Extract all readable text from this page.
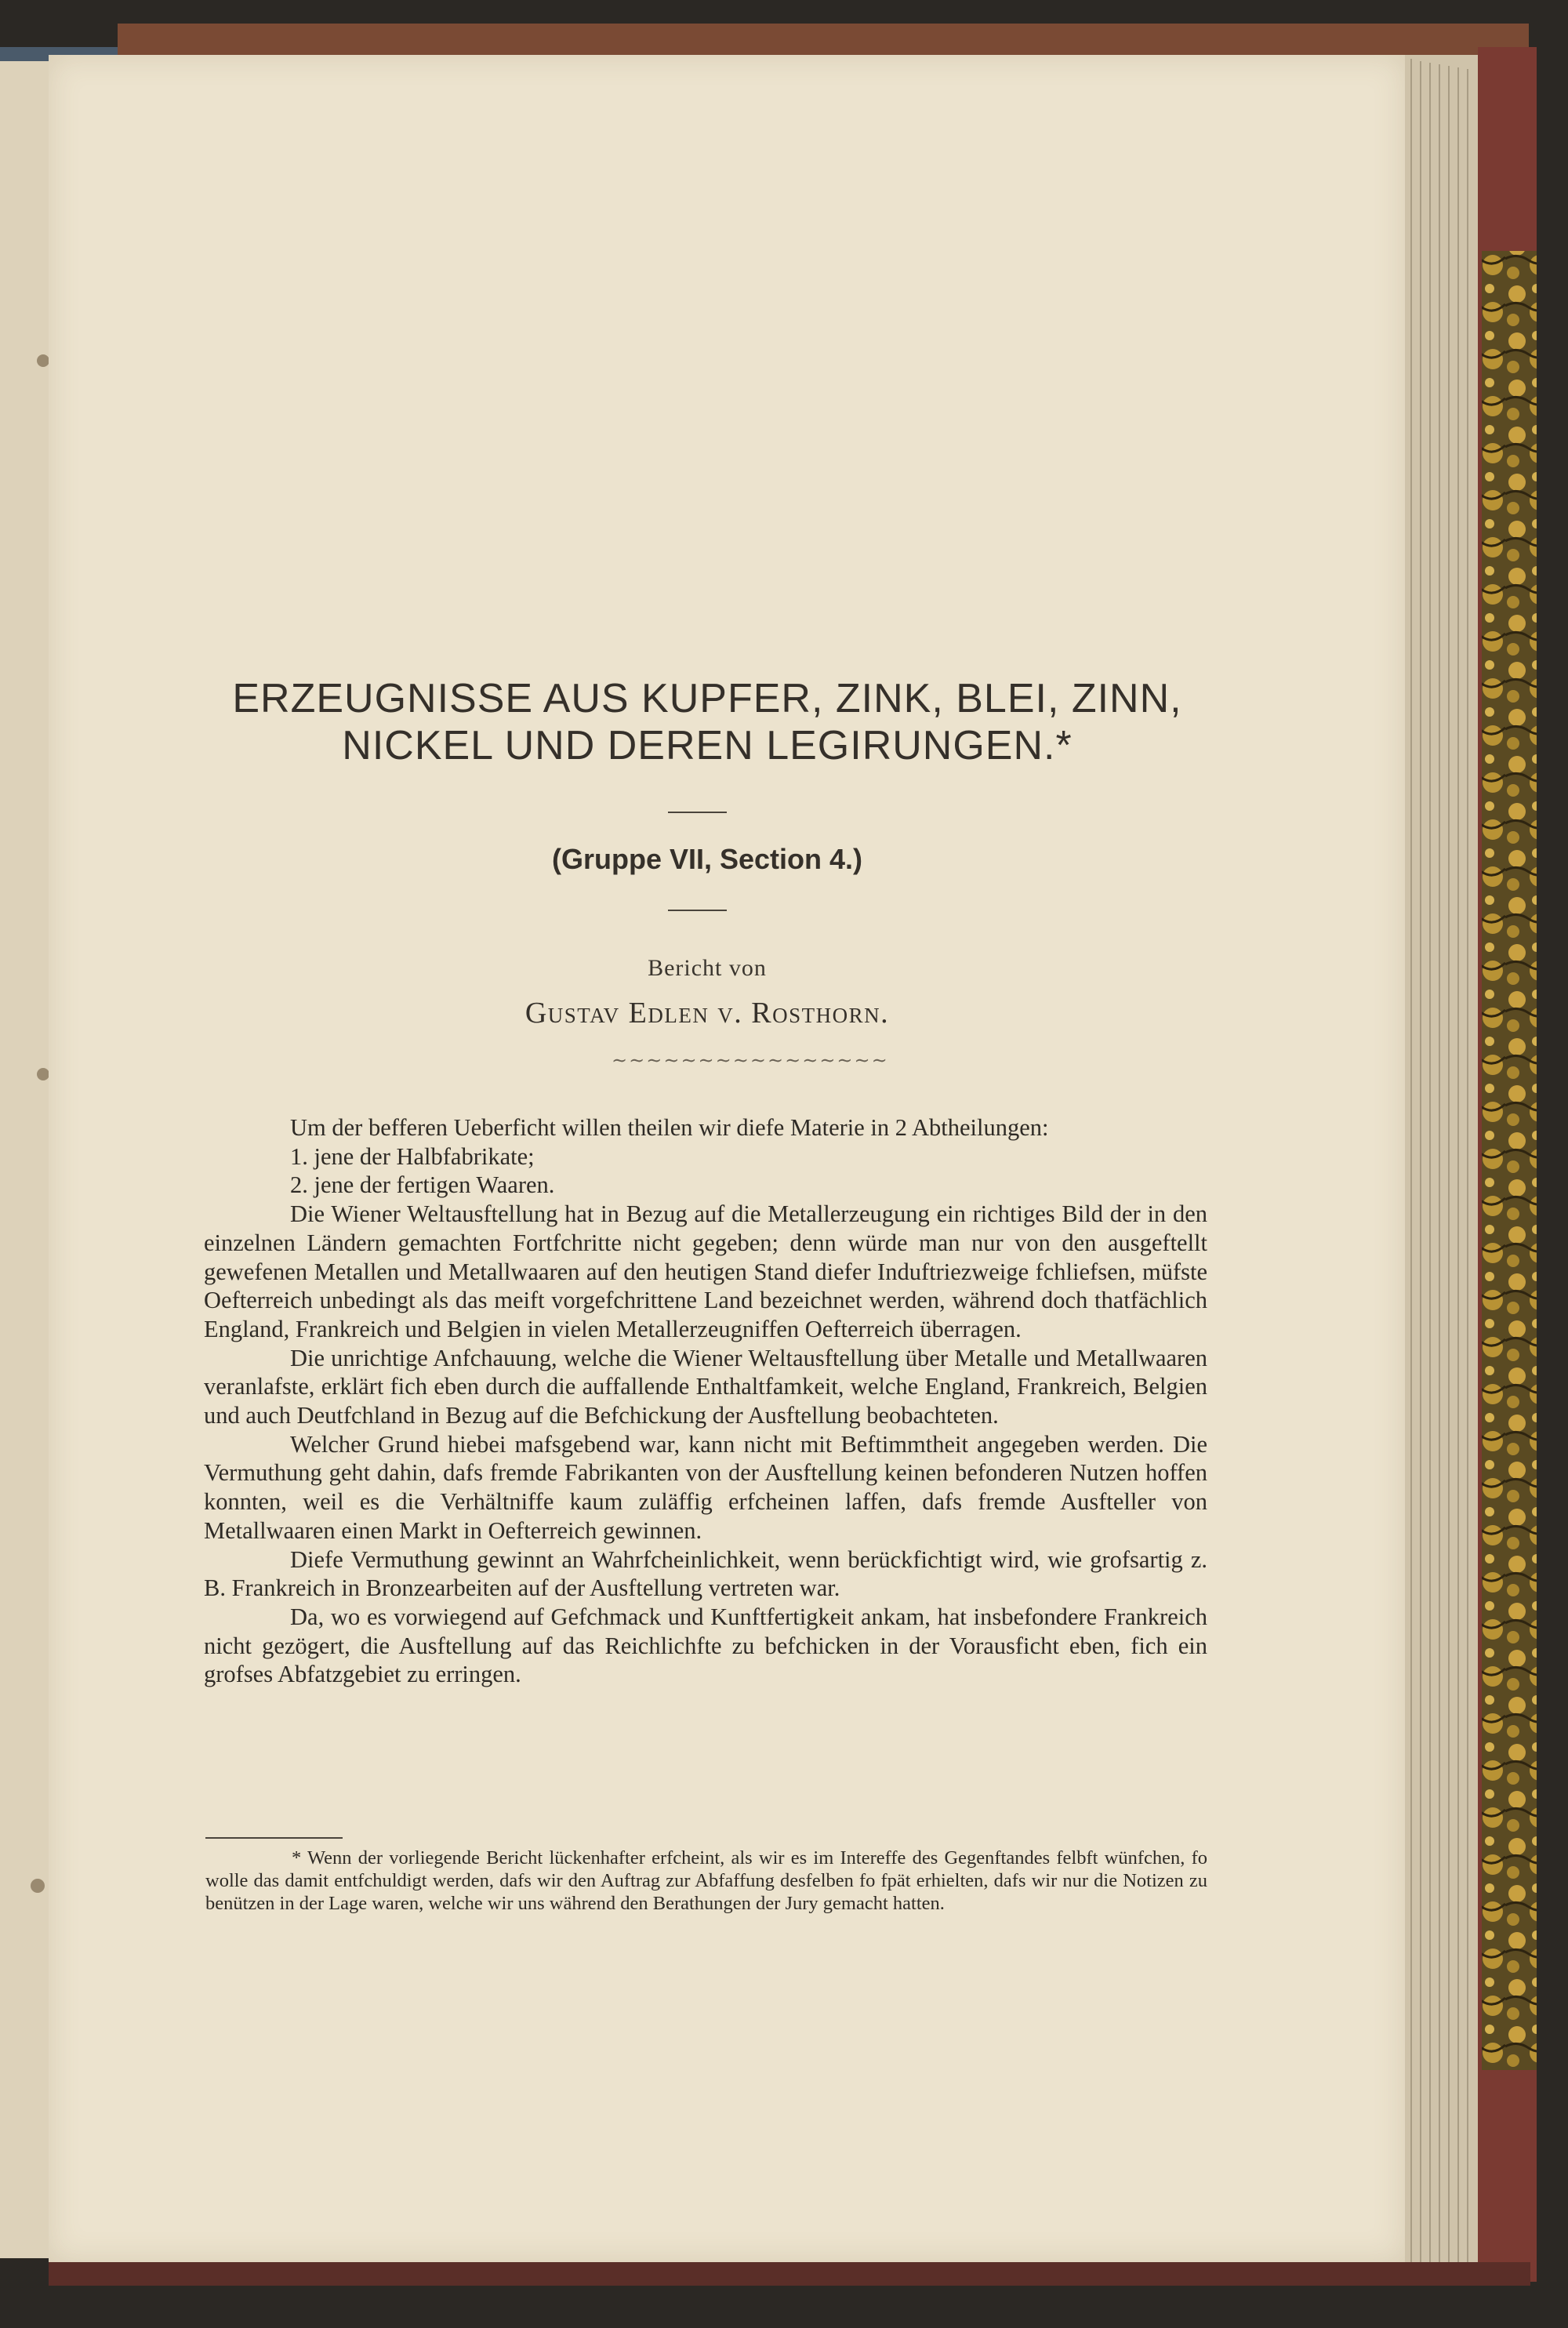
ERZEUGNISSE AUS KUPFER, ZINK, BLEI, ZINN,
NICKEL UND DEREN LEGIRUNGEN.*
(Gruppe VII, Section 4.)
Bericht von
Gustav Edlen v. Rosthorn.
∼∼∼∼∼∼∼∼∼∼∼∼∼∼∼∼

Um der befferen Ueberficht willen theilen wir diefe Materie in 2 Abtheilungen:

1. jene der Halbfabrikate;

2. jene der fertigen Waaren.

Die Wiener Weltausftellung hat in Bezug auf die Metallerzeugung ein richtiges Bild der in den einzelnen Ländern gemachten Fortfchritte nicht gegeben; denn würde man nur von den ausgeftellt gewefenen Metallen und Metallwaaren auf den heutigen Stand diefer Induftriezweige fchliefsen, müfste Oefterreich unbedingt als das meift vorgefchrittene Land bezeichnet werden, während doch thatfächlich England, Frankreich und Belgien in vielen Metallerzeugniffen Oefterreich überragen.

Die unrichtige Anfchauung, welche die Wiener Weltausftellung über Metalle und Metallwaaren veranlafste, erklärt fich eben durch die auffallende Enthaltfamkeit, welche England, Frankreich, Belgien und auch Deutfchland in Bezug auf die Befchickung der Ausftellung beobachteten.

Welcher Grund hiebei mafsgebend war, kann nicht mit Beftimmtheit angegeben werden. Die Vermuthung geht dahin, dafs fremde Fabrikanten von der Ausftellung keinen befonderen Nutzen hoffen konnten, weil es die Verhältniffe kaum zuläffig erfcheinen laffen, dafs fremde Ausfteller von Metallwaaren einen Markt in Oefterreich gewinnen.

Diefe Vermuthung gewinnt an Wahrfcheinlichkeit, wenn berückfichtigt wird, wie grofsartig z. B. Frankreich in Bronzearbeiten auf der Ausftellung vertreten war.

Da, wo es vorwiegend auf Gefchmack und Kunftfertigkeit ankam, hat insbefondere Frankreich nicht gezögert, die Ausftellung auf das Reichlichfte zu befchicken in der Vorausficht eben, fich ein grofses Abfatzgebiet zu erringen.

* Wenn der vorliegende Bericht lückenhafter erfcheint, als wir es im Intereffe des Gegenftandes felbft wünfchen, fo wolle das damit entfchuldigt werden, dafs wir den Auftrag zur Abfaffung desfelben fo fpät erhielten, dafs wir nur die Notizen zu benützen in der Lage waren, welche wir uns während den Berathungen der Jury gemacht hatten.
